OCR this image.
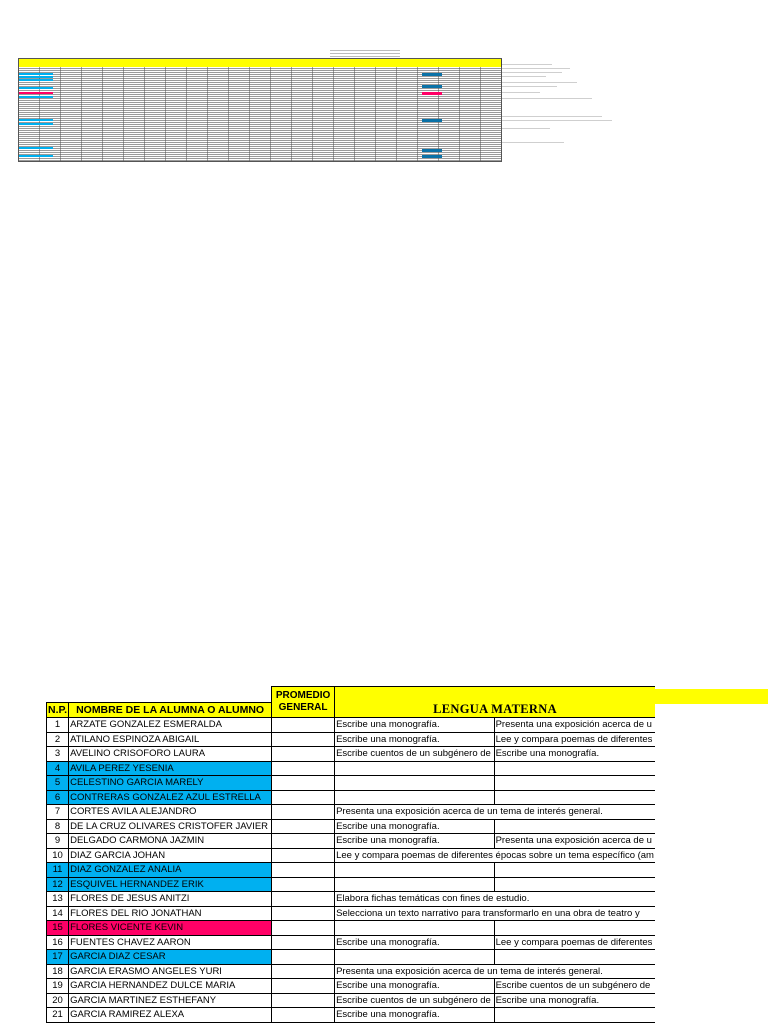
		PROMEDIO GENERAL		
N.P.	NOMBRE DE LA ALUMNA O ALUMNO		LENGUA MATERNA	
1	ARZATE GONZALEZ ESMERALDA		Escribe una monografía.	Presenta una exposición acerca de u
2	ATILANO ESPINOZA ABIGAIL		Escribe una monografía.	Lee y compara poemas de diferentes
3	AVELINO CRISOFORO LAURA		Escribe cuentos de un subgénero de	Escribe una monografía.
4	AVILA PEREZ YESENIA			
5	CELESTINO GARCIA MARELY			
6	CONTRERAS GONZALEZ AZUL ESTRELLA			
7	CORTES AVILA ALEJANDRO		Presenta una exposición acerca de un tema de interés general.	
8	DE LA CRUZ OLIVARES CRISTOFER JAVIER		Escribe una monografía.	
9	DELGADO CARMONA JAZMIN		Escribe una monografía.	Presenta una exposición acerca de u
10	DIAZ GARCIA JOHAN		Lee y compara poemas de diferentes épocas sobre un tema específico (am	
11	DIAZ GONZALEZ ANALIA			
12	ESQUIVEL HERNANDEZ ERIK			
13	FLORES DE JESUS ANITZI		Elabora fichas temáticas con fines de estudio.	
14	FLORES DEL RIO JONATHAN		Selecciona un texto narrativo para transformarlo en una obra de teatro y	
15	FLORES VICENTE KEVIN			
16	FUENTES CHAVEZ AARON		Escribe una monografía.	Lee y compara poemas de diferentes
17	GARCIA DIAZ CESAR			
18	GARCIA ERASMO ANGELES YURI		Presenta una exposición acerca de un tema de interés general.	
19	GARCIA HERNANDEZ DULCE MARIA		Escribe una monografía.	Escribe cuentos de un subgénero de
20	GARCIA MARTINEZ ESTHEFANY		Escribe cuentos de un subgénero de	Escribe una monografía.
21	GARCIA RAMIREZ ALEXA		Escribe una monografía.	
